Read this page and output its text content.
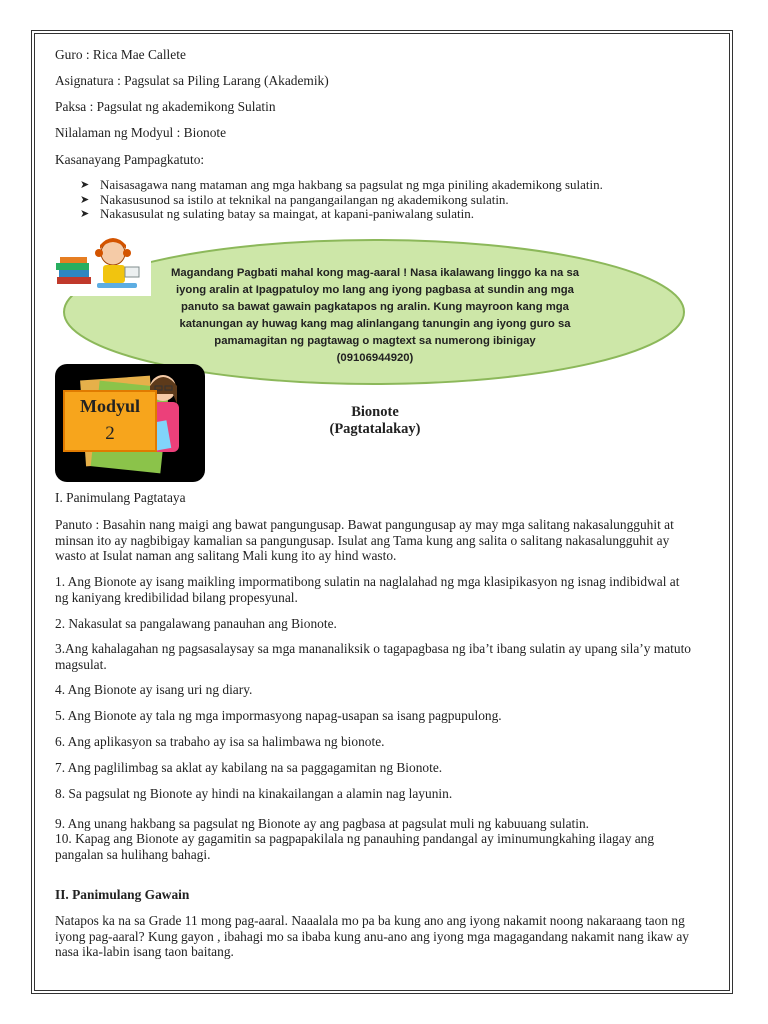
Guro : Rica Mae Callete
Asignatura : Pagsulat sa Piling Larang (Akademik)
Paksa : Pagsulat ng akademikong Sulatin
Nilalaman ng Modyul : Bionote
Kasanayang Pampagkatuto:
➤ Naisasagawa nang mataman ang mga hakbang sa pagsulat ng mga piniling akademikong sulatin.
➤ Nakasusunod sa istilo at teknikal na pangangailangan ng akademikong sulatin.
➤ Nakasusulat ng sulating batay sa maingat, at kapani-paniwalang sulatin.
Magandang Pagbati mahal kong mag-aaral ! Nasa ikalawang linggo ka na sa
iyong aralin at Ipagpatuloy mo lang ang iyong pagbasa at sundin ang mga
panuto sa bawat gawain pagkatapos ng aralin. Kung mayroon kang mga
katanungan ay huwag kang mag alinlangang tanungin ang iyong guro sa
pamamagitan ng pagtawag o magtext sa numerong ibinigay
(09106944920)
Modyul
2
Bionote
(Pagtatalakay)
I. Panimulang Pagtataya
Panuto : Basahin nang maigi ang bawat pangungusap. Bawat pangungusap ay may mga salitang nakasalungguhit at minsan ito ay nagbibigay kamalian sa pangungusap. Isulat ang Tama kung ang salita o salitang nakasalungguhit ay wasto at Isulat naman ang salitang Mali kung ito ay hind wasto.
1. Ang Bionote ay isang maikling impormatibong sulatin na naglalahad ng mga klasipikasyon ng isnag indibidwal at ng kaniyang kredibilidad bilang propesyunal.
2. Nakasulat sa pangalawang panauhan ang Bionote.
3.Ang kahalagahan ng pagsasalaysay sa mga mananaliksik o tagapagbasa ng iba’t ibang sulatin ay upang sila’y matuto magsulat.
4. Ang Bionote ay isang uri ng diary.
5. Ang Bionote ay tala ng mga impormasyong napag-usapan sa isang pagpupulong.
6. Ang aplikasyon sa trabaho ay isa sa halimbawa ng bionote.
7. Ang paglilimbag sa aklat ay kabilang na sa paggagamitan ng Bionote.
8. Sa pagsulat ng Bionote ay hindi na kinakailangan a alamin nag layunin.
9. Ang unang hakbang sa pagsulat ng Bionote ay ang pagbasa at pagsulat muli ng kabuuang sulatin.
10. Kapag ang Bionote ay gagamitin sa pagpapakilala ng panauhing pandangal ay iminumungkahing ilagay ang pangalan sa hulihang bahagi.
II. Panimulang Gawain
Natapos ka na sa Grade 11 mong pag-aaral. Naaalala mo pa ba kung ano ang iyong nakamit noong nakaraang taon ng iyong pag-aaral? Kung gayon , ibahagi mo sa ibaba kung anu-ano ang iyong mga magagandang nakamit nang ikaw ay nasa ika-labin isang taon baitang.
